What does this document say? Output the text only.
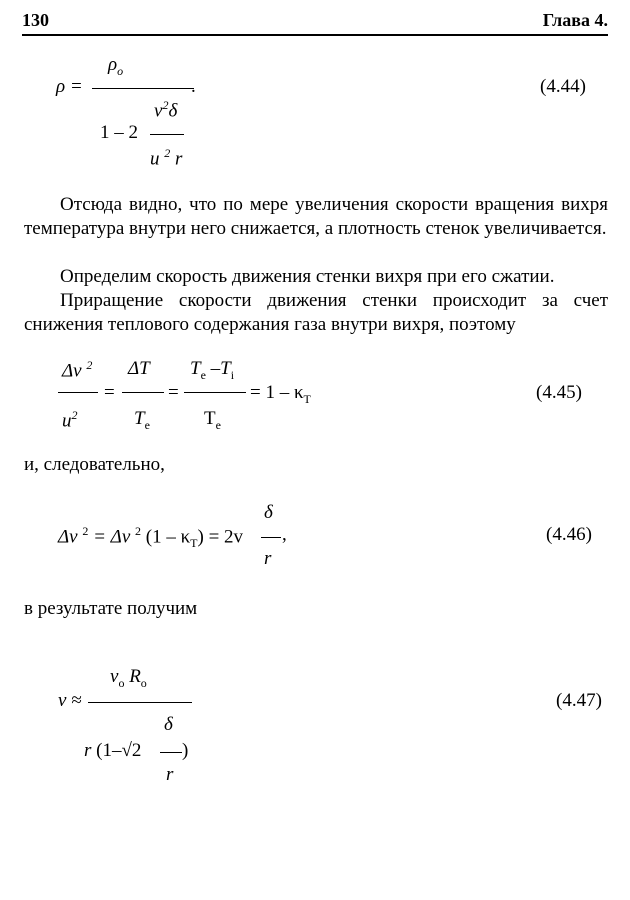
130	Глава 4.
ρ =
$\rho_o$
.
1 – 2
$v^2\delta$
u $^2$ r
(4.44)
Отсюда видно, что по мере увеличения скорости вращения вихря температура внутри него снижается, а плотность стенок увеличивается.
Определим скорость движения стенки вихря при его сжатии.
Приращение скорости движения стенки происходит за счет снижения теплового содержания газа внутри вихря, поэтому
Δv $^2$
$u^2$
=
ΔT
$T_e$
=
$T_e$ $-T_i$
$T_e$
= $1 - \kappa_T$	(4.45)
и, следовательно,
δ
Δv $^2$ = Δv $^2$ $(1 - \kappa_T) = 2v$ ,
r
(4.46)
в результате получим
$v_o$ $R_o$
v ≈
δ
r (1–√2 )
r
(4.47)
